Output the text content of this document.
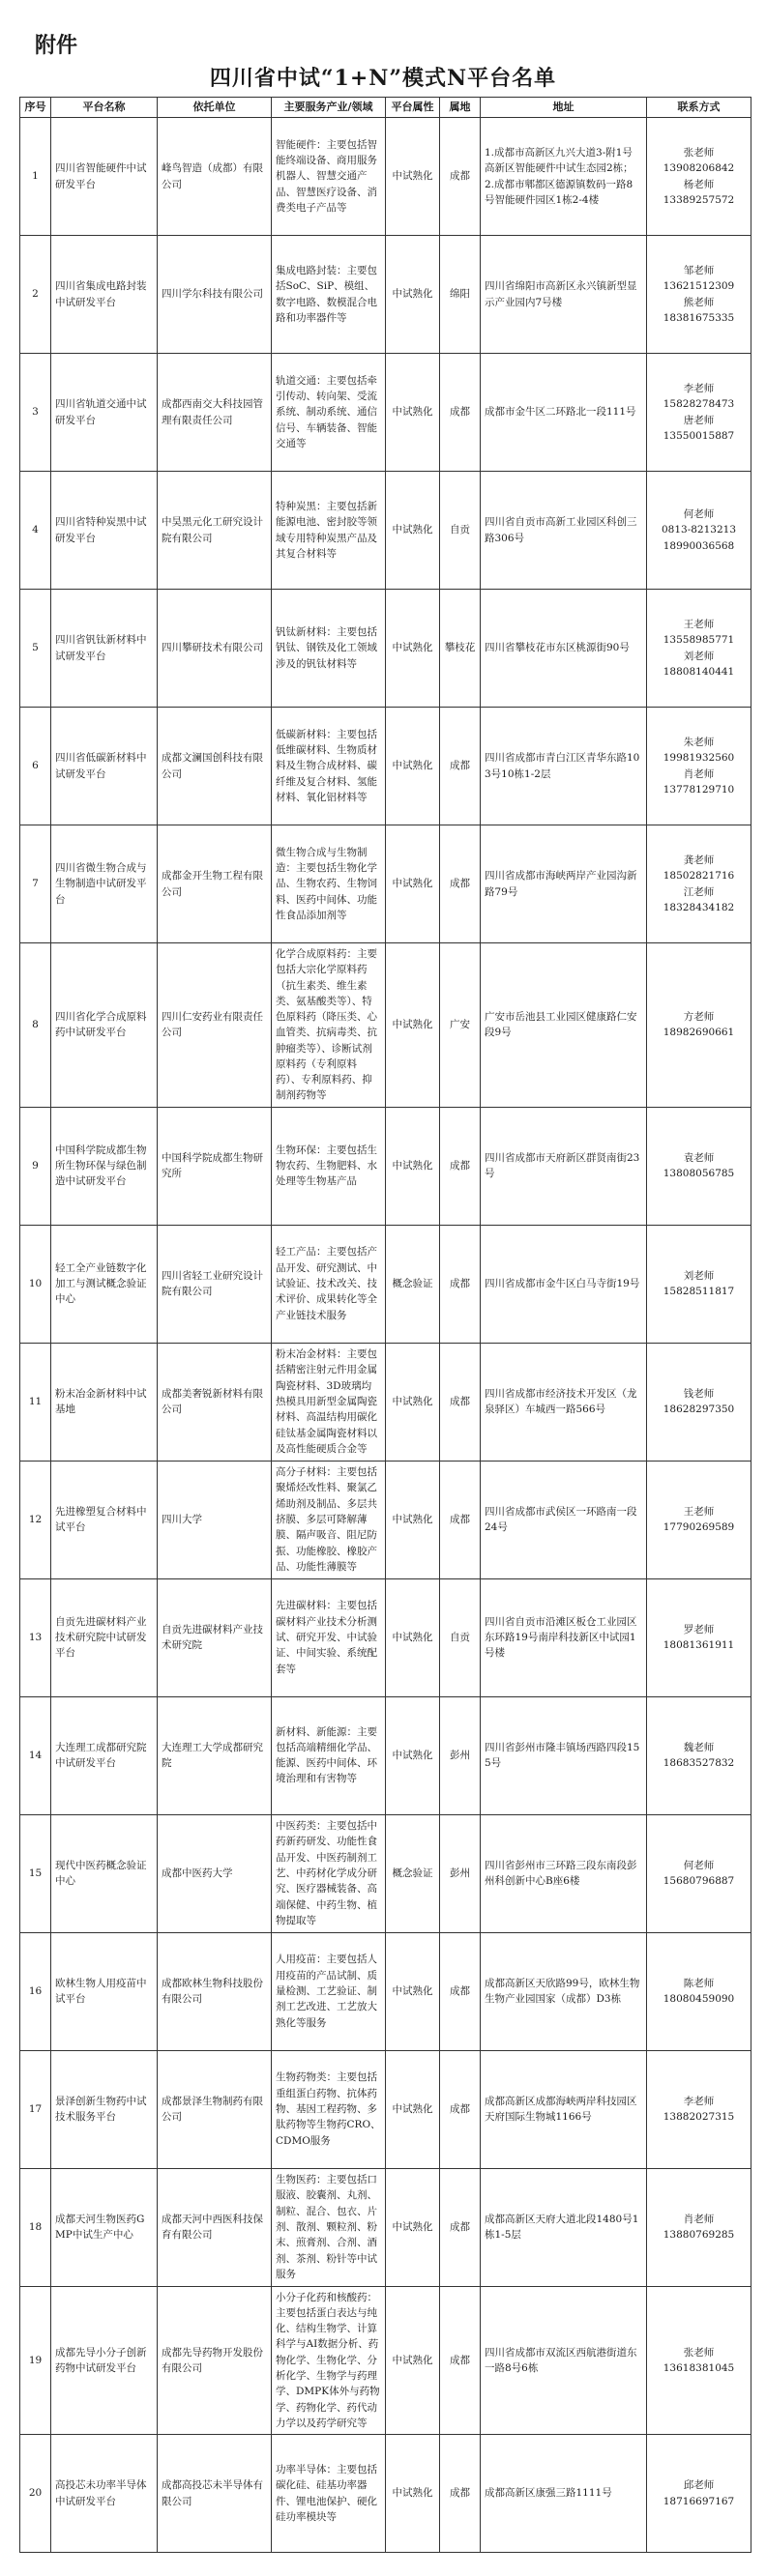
附件
四川省中试“1+N”模式N平台名单
序号	平台名称	依托单位	主要服务产业/领域	平台属性	属地	地址	联系方式
1	四川省智能硬件中试研发平台	峰鸟智造（成都）有限公司	智能硬件：主要包括智能终端设备、商用服务机器人、智慧交通产品、智慧医疗设备、消费类电子产品等	中试熟化	成都	1.成都市高新区九兴大道3-附1号高新区智能硬件中试生态园2栋；2.成都市郫都区德源镇数码一路8号智能硬件园区1栋2-4楼	张老师
13908206842
杨老师
13389257572
2	四川省集成电路封装中试研发平台	四川学尔科技有限公司	集成电路封装：主要包括SoC、SiP、模组、数字电路、数模混合电路和功率器件等	中试熟化	绵阳	四川省绵阳市高新区永兴镇新型显示产业园内7号楼	邹老师
13621512309
熊老师
18381675335
3	四川省轨道交通中试研发平台	成都西南交大科技园管理有限责任公司	轨道交通：主要包括牵引传动、转向架、受流系统、制动系统、通信信号、车辆装备、智能交通等	中试熟化	成都	成都市金牛区二环路北一段111号	李老师
15828278473
唐老师
13550015887
4	四川省特种炭黑中试研发平台	中昊黑元化工研究设计院有限公司	特种炭黑：主要包括新能源电池、密封胶等领域专用特种炭黑产品及其复合材料等	中试熟化	自贡	四川省自贡市高新工业园区科创三路306号	何老师
0813-8213213
18990036568
5	四川省钒钛新材料中试研发平台	四川攀研技术有限公司	钒钛新材料：主要包括钒钛、钢铁及化工领域涉及的钒钛材料等	中试熟化	攀枝花	四川省攀枝花市东区桃源街90号	王老师
13558985771
刘老师
18808140441
6	四川省低碳新材料中试研发平台	成都文澜国创科技有限公司	低碳新材料：主要包括低维碳材料、生物质材料及生物合成材料、碳纤维及复合材料、氢能材料、氧化铝材料等	中试熟化	成都	四川省成都市青白江区青华东路103号10栋1-2层	朱老师
19981932560
肖老师
13778129710
7	四川省微生物合成与生物制造中试研发平台	成都金开生物工程有限公司	微生物合成与生物制造：主要包括生物化学品、生物农药、生物饲料、医药中间体、功能性食品添加剂等	中试熟化	成都	四川省成都市海峡两岸产业园沟新路79号	龚老师
18502821716
江老师
18328434182
8	四川省化学合成原料药中试研发平台	四川仁安药业有限责任公司	化学合成原料药：主要包括大宗化学原料药（抗生素类、维生素类、氨基酸类等）、特色原料药（降压类、心血管类、抗病毒类、抗肿瘤类等）、诊断试剂原料药（专利原料药）、专利原料药、抑制剂药物等	中试熟化	广安	广安市岳池县工业园区健康路仁安段9号	方老师
18982690661
9	中国科学院成都生物所生物环保与绿色制造中试研发平台	中国科学院成都生物研究所	生物环保：主要包括生物农药、生物肥料、水处理等生物基产品	中试熟化	成都	四川省成都市天府新区群贤南街23号	袁老师
13808056785
10	轻工全产业链数字化加工与测试概念验证中心	四川省轻工业研究设计院有限公司	轻工产品：主要包括产品开发、研究测试、中试验证、技术改关、技术评价、成果转化等全产业链技术服务	概念验证	成都	四川省成都市金牛区白马寺街19号	刘老师
15828511817
11	粉末冶金新材料中试基地	成都美奢锐新材料有限公司	粉末冶金材料：主要包括精密注射元件用金属陶瓷材料、3D玻璃均热模具用新型金属陶瓷材料、高温结构用碳化硅钛基金属陶瓷材料以及高性能硬质合金等	中试熟化	成都	四川省成都市经济技术开发区（龙泉驿区）车城西一路566号	钱老师
18628297350
12	先进橡塑复合材料中试平台	四川大学	高分子材料：主要包括聚烯烃改性料、聚氯乙烯助剂及制品、多层共挤膜、多层可降解薄膜、隔声吸音、阻尼防振、功能橡胶、橡胶产品、功能性薄膜等	中试熟化	成都	四川省成都市武侯区一环路南一段24号	王老师
17790269589
13	自贡先进碳材料产业技术研究院中试研发平台	自贡先进碳材料产业技术研究院	先进碳材料：主要包括碳材料产业技术分析测试、研究开发、中试验证、中间实验、系统配套等	中试熟化	自贡	四川省自贡市沿滩区板仓工业园区东环路19号南岸科技新区中试园1号楼	罗老师
18081361911
14	大连理工成都研究院中试研发平台	大连理工大学成都研究院	新材料、新能源：主要包括高端精细化学品、能源、医药中间体、环境治理和有害物等	中试熟化	彭州	四川省彭州市隆丰镇场西路四段155号	魏老师
18683527832
15	现代中医药概念验证中心	成都中医药大学	中医药类：主要包括中药新药研发、功能性食品开发、中医药制剂工艺、中药材化学成分研究、医疗器械装备、高端保健、中药生物、植物提取等	概念验证	彭州	四川省彭州市三环路三段东南段彭州科创新中心B座6楼	何老师
15680796887
16	欧林生物人用疫苗中试平台	成都欧林生物科技股份有限公司	人用疫苗：主要包括人用疫苗的产品试制、质量检测、工艺验证、制剂工艺改进、工艺放大熟化等服务	中试熟化	成都	成都高新区天欣路99号，欧林生物生物产业园国家（成都）D3栋	陈老师
18080459090
17	景泽创新生物药中试技术服务平台	成都景泽生物制药有限公司	生物药物类：主要包括重组蛋白药物、抗体药物、基因工程药物、多肽药物等生物药CRO、CDMO服务	中试熟化	成都	成都高新区成都海峡两岸科技园区天府国际生物城1166号	李老师
13882027315
18	成都天河生物医药GMP中试生产中心	成都天河中西医科技保育有限公司	生物医药：主要包括口服液、胶囊剂、丸剂、制粒、混合、包衣、片剂、散剂、颗粒剂、粉末、煎膏剂、合剂、酒剂、茶剂、粉针等中试服务	中试熟化	成都	成都高新区天府大道北段1480号1栋1-5层	肖老师
13880769285
19	成都先导小分子创新药物中试研发平台	成都先导药物开发股份有限公司	小分子化药和核酸药：主要包括蛋白表达与纯化、结构生物学、计算科学与AI数据分析、药物化学、生物化学、分析化学、生物学与药理学、DMPK体外与药物学、药物化学、药代动力学以及药学研究等	中试熟化	成都	四川省成都市双流区西航港街道东一路8号6栋	张老师
13618381045
20	高投芯未功率半导体中试研发平台	成都高投芯未半导体有限公司	功率半导体：主要包括碳化硅、硅基功率器件、锂电池保护、硬化硅功率模块等	中试熟化	成都	成都高新区康强三路1111号	邱老师
18716697167
